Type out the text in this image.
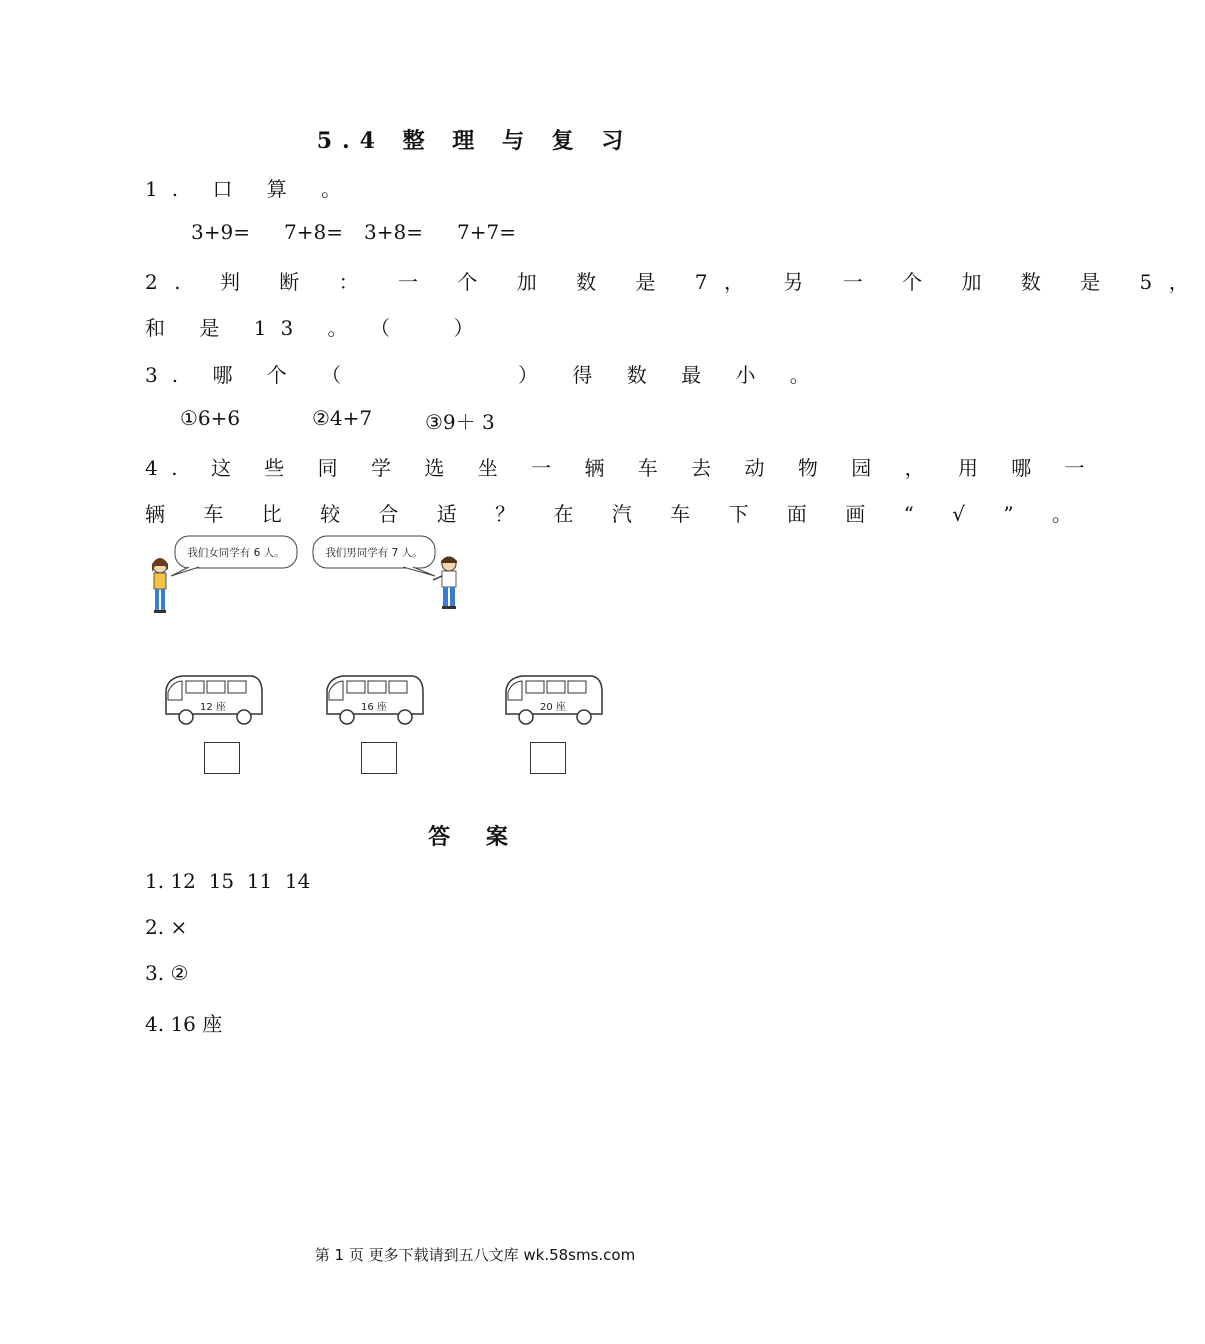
5.4 整 理 与 复 习
1. 口 算 。
3+9= 7+8= 3+8= 7+7=
2. 判 断 ： 一 个 加 数 是 7， 另 一 个 加 数 是 5，
和 是 13 。 （          ）
3. 哪 个 （        ） 得 数 最 小 。
①6+6	②4+7	③9＋ 3
4. 这 些 同 学 选 坐 一 辆 车 去 动 物 园 ， 用 哪 一
辆 车 比 较 合 适 ？ 在 汽 车 下 面 画 “ √ ” 。
我们女同学有 6 人。	我们男同学有 7 人。
12 座	16 座	20 座
答 案
1. 12  15  11  14
2. ×
3. ②
4. 16 座
第 1 页 更多下载请到五八文库 wk.58sms.com
